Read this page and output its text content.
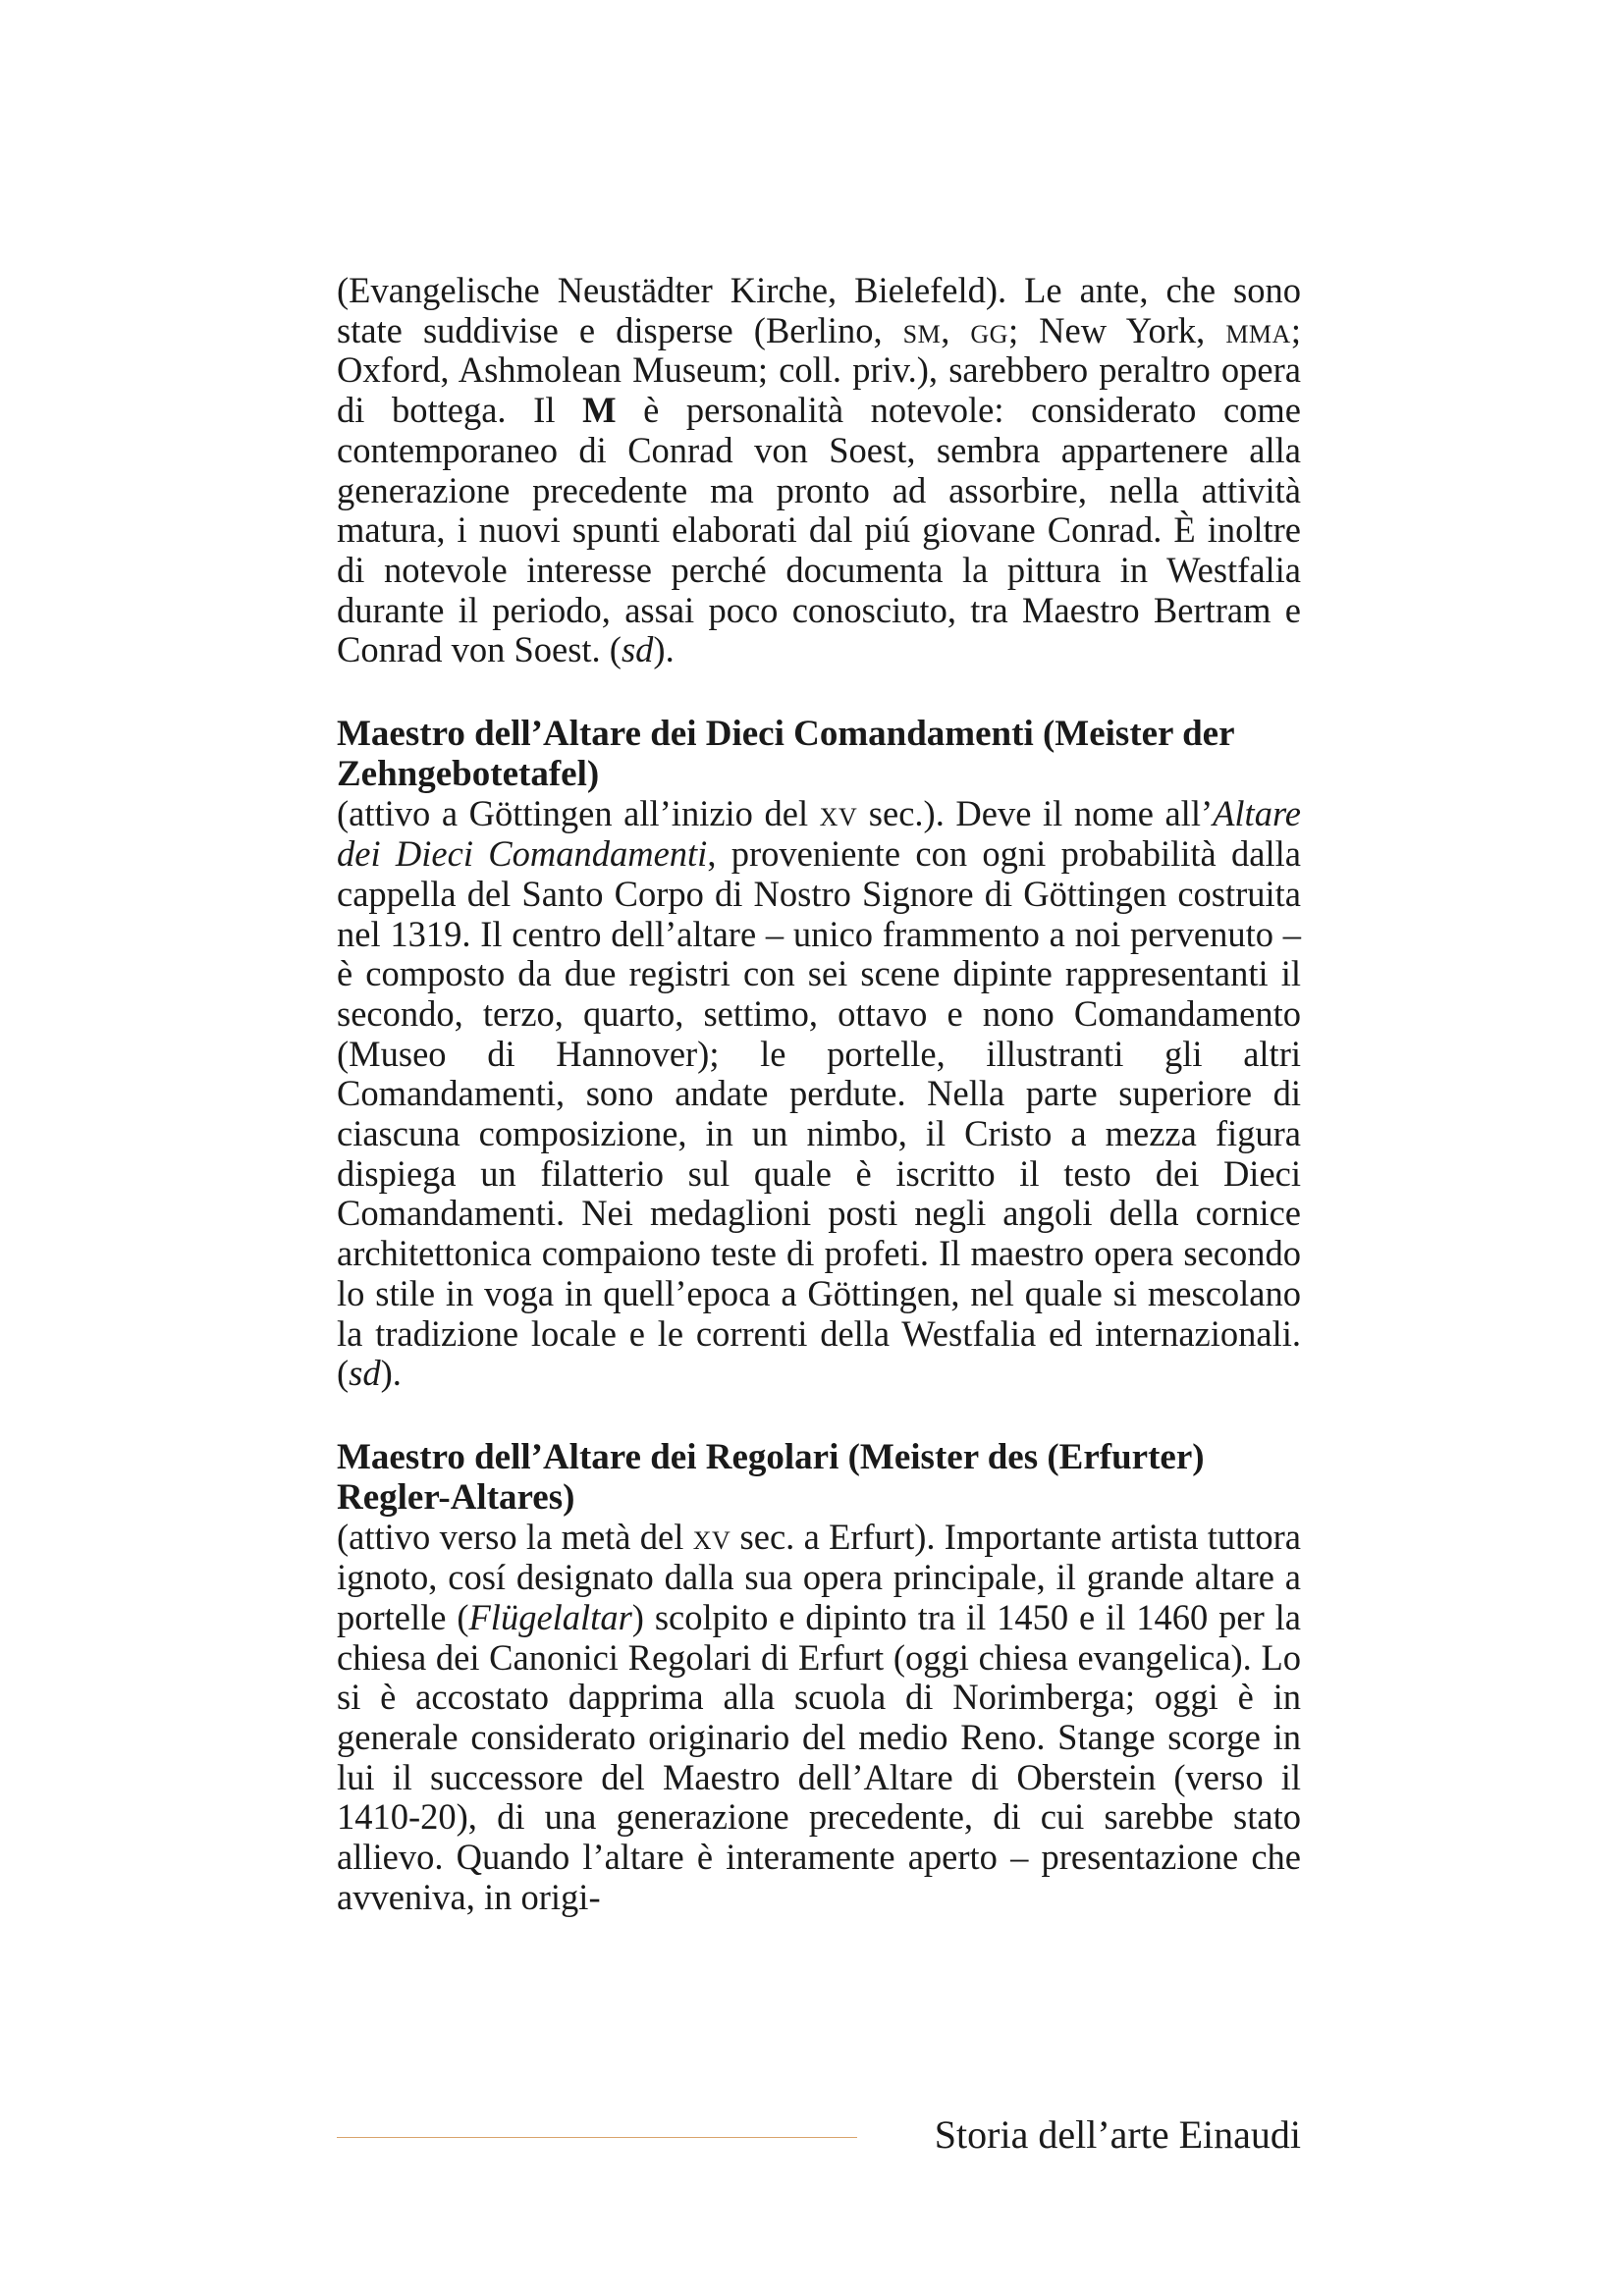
(Evangelische Neustädter Kirche, Bielefeld). Le ante, che sono state suddivise e disperse (Berlino, sm, gg; New York, mma; Oxford, Ashmolean Museum; coll. priv.), sarebbero peraltro opera di bottega. Il M è personalità notevole: considerato come contemporaneo di Conrad von Soest, sembra appartenere alla generazione precedente ma pronto ad assorbire, nella attività matura, i nuovi spunti elaborati dal piú giovane Conrad. È inoltre di notevole interesse perché documenta la pittura in Westfalia durante il periodo, assai poco conosciuto, tra Maestro Bertram e Conrad von Soest. (sd).

Maestro dell’Altare dei Dieci Comandamenti (Meister der Zehngebotetafel)

(attivo a Göttingen all’inizio del xv sec.). Deve il nome all’Altare dei Dieci Comandamenti, proveniente con ogni probabilità dalla cappella del Santo Corpo di Nostro Signore di Göttingen costruita nel 1319. Il centro dell’altare – unico frammento a noi pervenuto – è composto da due registri con sei scene dipinte rappresentanti il secondo, terzo, quarto, settimo, ottavo e nono Comandamento (Museo di Hannover); le portelle, illustranti gli altri Comandamenti, sono andate perdute. Nella parte superiore di ciascuna composizione, in un nimbo, il Cristo a mezza figura dispiega un filatterio sul quale è iscritto il testo dei Dieci Comandamenti. Nei medaglioni posti negli angoli della cornice architettonica compaiono teste di profeti. Il maestro opera secondo lo stile in voga in quell’epoca a Göttingen, nel quale si mescolano la tradizione locale e le correnti della Westfalia ed internazionali. (sd).

Maestro dell’Altare dei Regolari (Meister des (Erfurter) Regler-Altares)

(attivo verso la metà del xv sec. a Erfurt). Importante artista tuttora ignoto, cosí designato dalla sua opera principale, il grande altare a portelle (Flügelaltar) scolpito e dipinto tra il 1450 e il 1460 per la chiesa dei Canonici Regolari di Erfurt (oggi chiesa evangelica). Lo si è accostato dapprima alla scuola di Norimberga; oggi è in generale considerato originario del medio Reno. Stange scorge in lui il successore del Maestro dell’Altare di Oberstein (verso il 1410-20), di una generazione precedente, di cui sarebbe stato allievo. Quando l’altare è interamente aperto – presentazione che avveniva, in origi-

Storia dell’arte Einaudi
